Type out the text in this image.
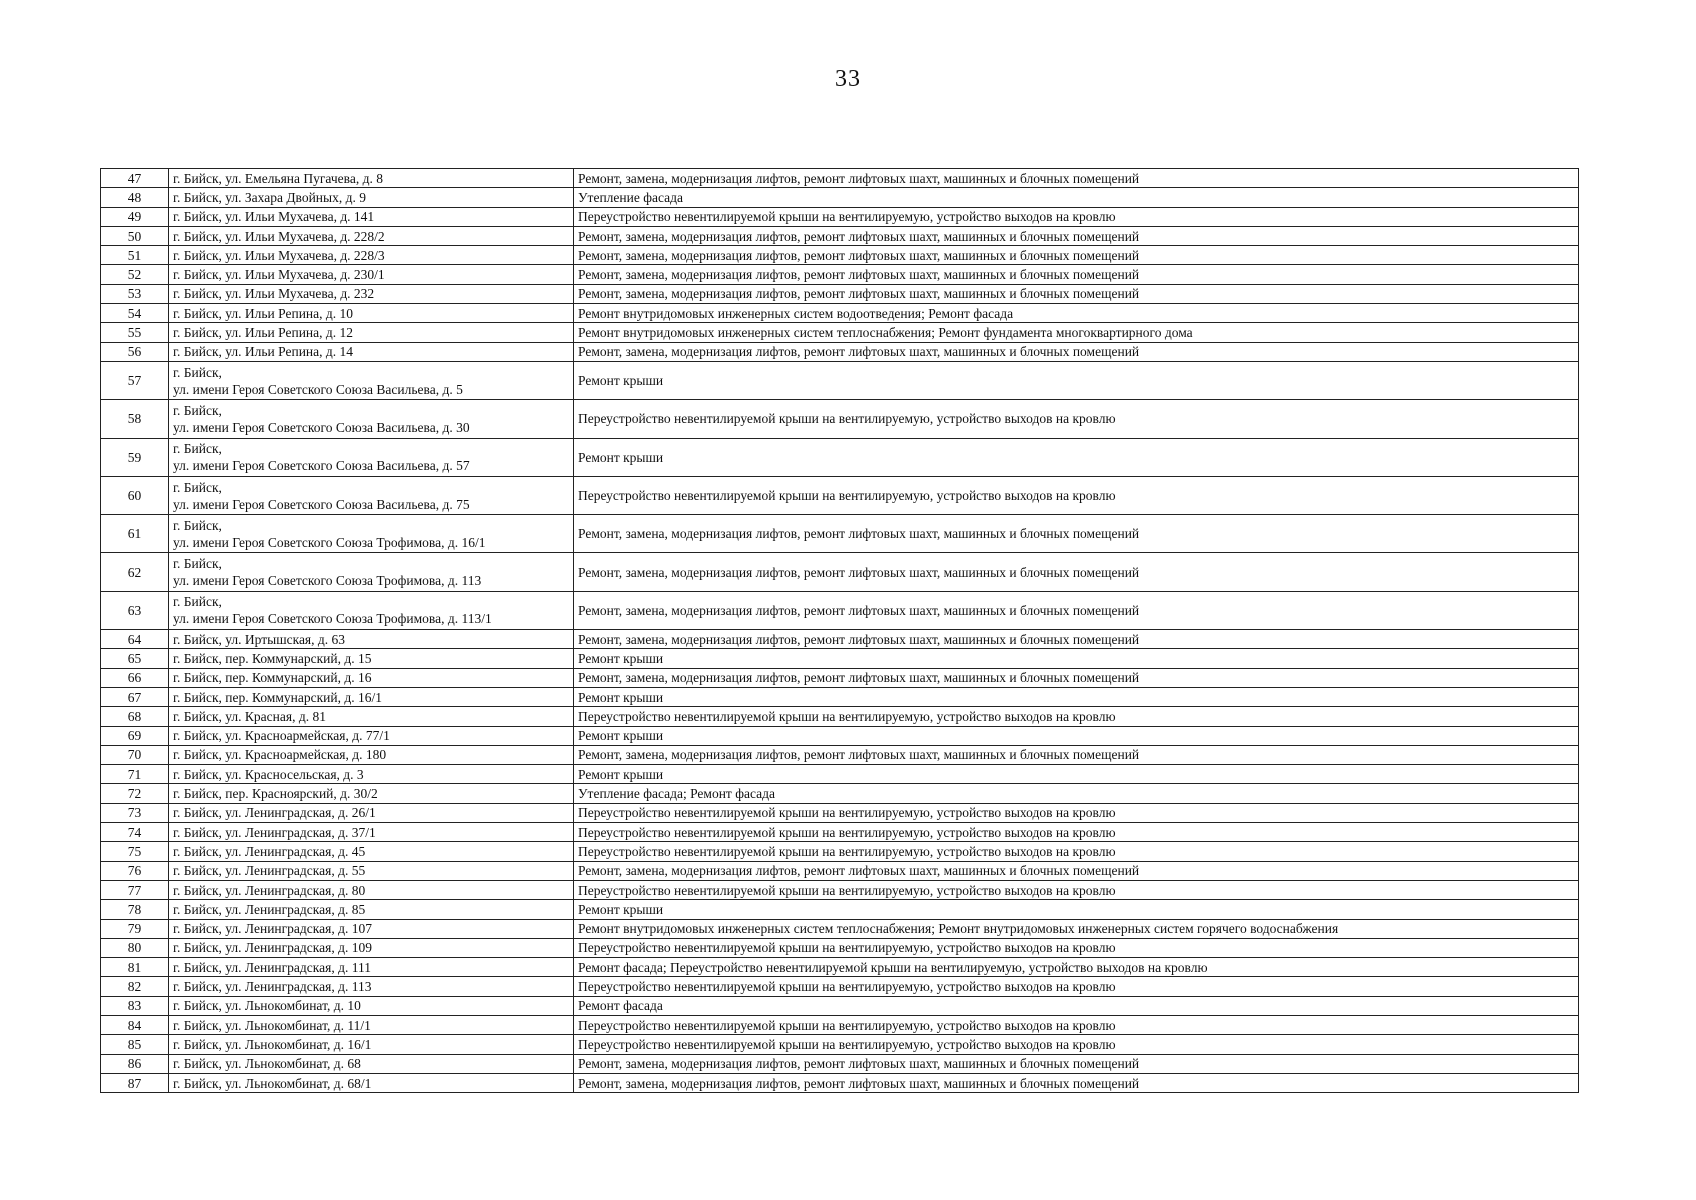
33
47	г. Бийск, ул. Емельяна Пугачева, д. 8	Ремонт, замена, модернизация лифтов, ремонт лифтовых шахт, машинных и блочных помещений
48	г. Бийск, ул. Захара Двойных, д. 9	Утепление фасада
49	г. Бийск, ул. Ильи Мухачева, д. 141	Переустройство невентилируемой крыши на вентилируемую, устройство выходов на кровлю
50	г. Бийск, ул. Ильи Мухачева, д. 228/2	Ремонт, замена, модернизация лифтов, ремонт лифтовых шахт, машинных и блочных помещений
51	г. Бийск, ул. Ильи Мухачева, д. 228/3	Ремонт, замена, модернизация лифтов, ремонт лифтовых шахт, машинных и блочных помещений
52	г. Бийск, ул. Ильи Мухачева, д. 230/1	Ремонт, замена, модернизация лифтов, ремонт лифтовых шахт, машинных и блочных помещений
53	г. Бийск, ул. Ильи Мухачева, д. 232	Ремонт, замена, модернизация лифтов, ремонт лифтовых шахт, машинных и блочных помещений
54	г. Бийск, ул. Ильи Репина, д. 10	Ремонт внутридомовых инженерных систем водоотведения; Ремонт фасада
55	г. Бийск, ул. Ильи Репина, д. 12	Ремонт внутридомовых инженерных систем теплоснабжения; Ремонт фундамента многоквартирного дома
56	г. Бийск, ул. Ильи Репина, д. 14	Ремонт, замена, модернизация лифтов, ремонт лифтовых шахт, машинных и блочных помещений
57	г. Бийск,
ул. имени Героя Советского Союза Васильева, д. 5	Ремонт крыши
58	г. Бийск,
ул. имени Героя Советского Союза Васильева, д. 30	Переустройство невентилируемой крыши на вентилируемую, устройство выходов на кровлю
59	г. Бийск,
ул. имени Героя Советского Союза Васильева, д. 57	Ремонт крыши
60	г. Бийск,
ул. имени Героя Советского Союза Васильева, д. 75	Переустройство невентилируемой крыши на вентилируемую, устройство выходов на кровлю
61	г. Бийск,
ул. имени Героя Советского Союза Трофимова, д. 16/1	Ремонт, замена, модернизация лифтов, ремонт лифтовых шахт, машинных и блочных помещений
62	г. Бийск,
ул. имени Героя Советского Союза Трофимова, д. 113	Ремонт, замена, модернизация лифтов, ремонт лифтовых шахт, машинных и блочных помещений
63	г. Бийск,
ул. имени Героя Советского Союза Трофимова, д. 113/1	Ремонт, замена, модернизация лифтов, ремонт лифтовых шахт, машинных и блочных помещений
64	г. Бийск, ул. Иртышская, д. 63	Ремонт, замена, модернизация лифтов, ремонт лифтовых шахт, машинных и блочных помещений
65	г. Бийск, пер. Коммунарский, д. 15	Ремонт крыши
66	г. Бийск, пер. Коммунарский, д. 16	Ремонт, замена, модернизация лифтов, ремонт лифтовых шахт, машинных и блочных помещений
67	г. Бийск, пер. Коммунарский, д. 16/1	Ремонт крыши
68	г. Бийск, ул. Красная, д. 81	Переустройство невентилируемой крыши на вентилируемую, устройство выходов на кровлю
69	г. Бийск, ул. Красноармейская, д. 77/1	Ремонт крыши
70	г. Бийск, ул. Красноармейская, д. 180	Ремонт, замена, модернизация лифтов, ремонт лифтовых шахт, машинных и блочных помещений
71	г. Бийск, ул. Красносельская, д. 3	Ремонт крыши
72	г. Бийск, пер. Красноярский, д. 30/2	Утепление фасада; Ремонт фасада
73	г. Бийск, ул. Ленинградская, д. 26/1	Переустройство невентилируемой крыши на вентилируемую, устройство выходов на кровлю
74	г. Бийск, ул. Ленинградская, д. 37/1	Переустройство невентилируемой крыши на вентилируемую, устройство выходов на кровлю
75	г. Бийск, ул. Ленинградская, д. 45	Переустройство невентилируемой крыши на вентилируемую, устройство выходов на кровлю
76	г. Бийск, ул. Ленинградская, д. 55	Ремонт, замена, модернизация лифтов, ремонт лифтовых шахт, машинных и блочных помещений
77	г. Бийск, ул. Ленинградская, д. 80	Переустройство невентилируемой крыши на вентилируемую, устройство выходов на кровлю
78	г. Бийск, ул. Ленинградская, д. 85	Ремонт крыши
79	г. Бийск, ул. Ленинградская, д. 107	Ремонт внутридомовых инженерных систем теплоснабжения; Ремонт внутридомовых инженерных систем горячего водоснабжения
80	г. Бийск, ул. Ленинградская, д. 109	Переустройство невентилируемой крыши на вентилируемую, устройство выходов на кровлю
81	г. Бийск, ул. Ленинградская, д. 111	Ремонт фасада; Переустройство невентилируемой крыши на вентилируемую, устройство выходов на кровлю
82	г. Бийск, ул. Ленинградская, д. 113	Переустройство невентилируемой крыши на вентилируемую, устройство выходов на кровлю
83	г. Бийск, ул. Льнокомбинат, д. 10	Ремонт фасада
84	г. Бийск, ул. Льнокомбинат, д. 11/1	Переустройство невентилируемой крыши на вентилируемую, устройство выходов на кровлю
85	г. Бийск, ул. Льнокомбинат, д. 16/1	Переустройство невентилируемой крыши на вентилируемую, устройство выходов на кровлю
86	г. Бийск, ул. Льнокомбинат, д. 68	Ремонт, замена, модернизация лифтов, ремонт лифтовых шахт, машинных и блочных помещений
87	г. Бийск, ул. Льнокомбинат, д. 68/1	Ремонт, замена, модернизация лифтов, ремонт лифтовых шахт, машинных и блочных помещений
